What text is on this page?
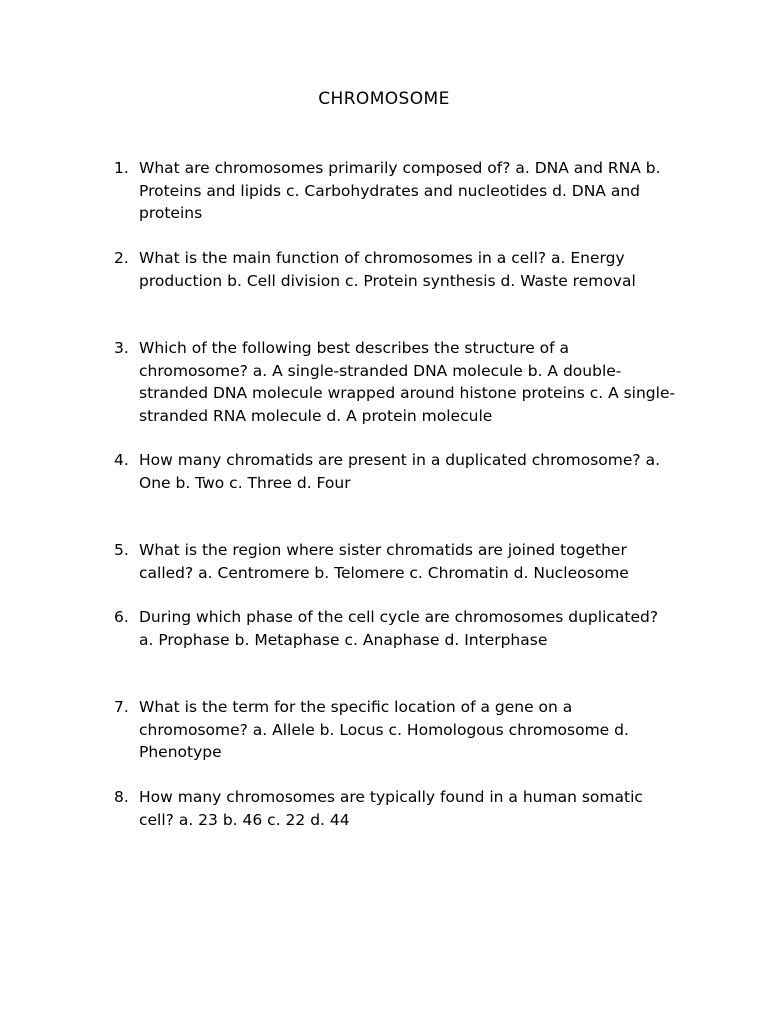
CHROMOSOME
1. What are chromosomes primarily composed of? a. DNA and RNA b. Proteins and lipids c. Carbohydrates and nucleotides d. DNA and proteins
2. What is the main function of chromosomes in a cell? a. Energy production b. Cell division c. Protein synthesis d. Waste removal
3. Which of the following best describes the structure of a chromosome? a. A single-stranded DNA molecule b. A double-stranded DNA molecule wrapped around histone proteins c. A single-stranded RNA molecule d. A protein molecule
4. How many chromatids are present in a duplicated chromosome? a. One b. Two c. Three d. Four
5. What is the region where sister chromatids are joined together called? a. Centromere b. Telomere c. Chromatin d. Nucleosome
6. During which phase of the cell cycle are chromosomes duplicated? a. Prophase b. Metaphase c. Anaphase d. Interphase
7. What is the term for the specific location of a gene on a chromosome? a. Allele b. Locus c. Homologous chromosome d. Phenotype
8. How many chromosomes are typically found in a human somatic cell? a. 23 b. 46 c. 22 d. 44
